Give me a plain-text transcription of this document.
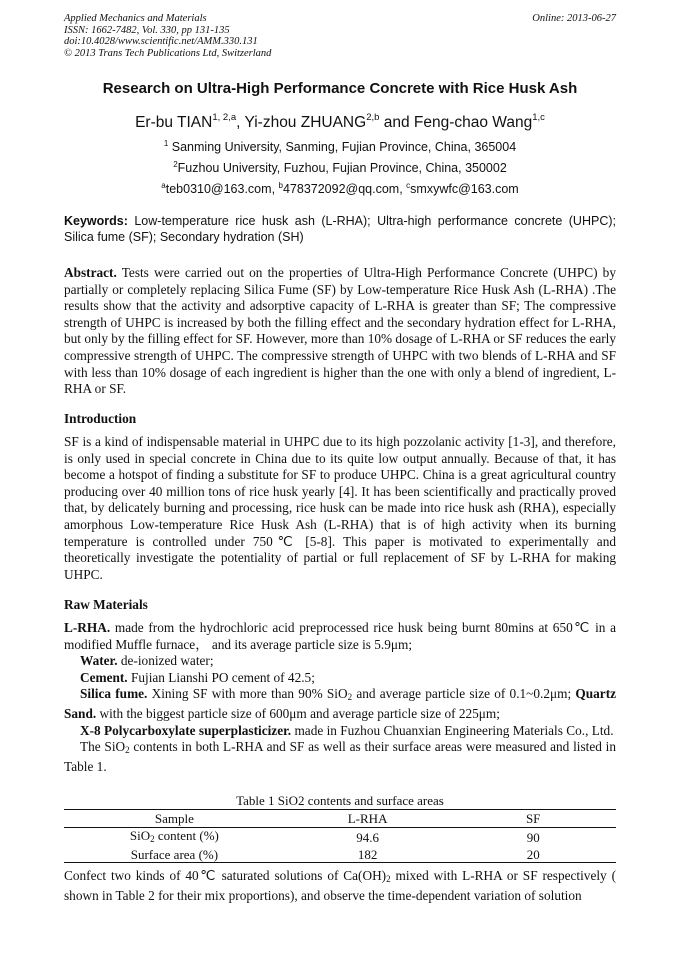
Applied Mechanics and Materials
ISSN: 1662-7482, Vol. 330, pp 131-135
doi:10.4028/www.scientific.net/AMM.330.131
© 2013 Trans Tech Publications Ltd, Switzerland
Online: 2013-06-27
Research on Ultra-High Performance Concrete with Rice Husk Ash
Er-bu TIAN$^{1, 2,a}$, Yi-zhou ZHUANG$^{2,b}$ and Feng-chao Wang$^{1,c}$
$^1$ Sanming University, Sanming, Fujian Province, China, 365004
$^2$Fuzhou University, Fuzhou, Fujian Province, China, 350002
$^a$teb0310@163.com, $^b$478372092@qq.com, $^c$smxywfc@163.com
Keywords: Low-temperature rice husk ash (L-RHA); Ultra-high performance concrete (UHPC); Silica fume (SF); Secondary hydration (SH)
Abstract. Tests were carried out on the properties of Ultra-High Performance Concrete (UHPC) by partially or completely replacing Silica Fume (SF) by Low-temperature Rice Husk Ash (L-RHA) .The results show that the activity and adsorptive capacity of L-RHA is greater than SF; The compressive strength of UHPC is increased by both the filling effect and the secondary hydration effect for L-RHA, but only by the filling effect for SF. However, more than 10% dosage of L-RHA or SF reduces the early compressive strength of UHPC. The compressive strength of UHPC with two blends of L-RHA and SF with less than 10% dosage of each ingredient is higher than the one with only a blend of ingredient, L-RHA or SF.
Introduction
SF is a kind of indispensable material in UHPC due to its high pozzolanic activity [1-3], and therefore, is only used in special concrete in China due to its quite low output annually. Because of that, it has become a hotspot of finding a substitute for SF to produce UHPC. China is a great agricultural country producing over 40 million tons of rice husk yearly [4]. It has been scientifically and practically proved that, by delicately burning and processing, rice husk can be made into rice husk ash (RHA), especially amorphous Low-temperature Rice Husk Ash (L-RHA) that is of high activity when its burning temperature is controlled under 750℃ [5-8]. This paper is motivated to experimentally and theoretically investigate the potentiality of partial or full replacement of SF by L-RHA for making UHPC.
Raw Materials
L-RHA. made from the hydrochloric acid preprocessed rice husk being burnt 80mins at 650℃ in a modified Muffle furnace， and its average particle size is 5.9μm;
Water. de-ionized water;
Cement. Fujian Lianshi PO cement of 42.5;
Silica fume. Xining SF with more than 90% SiO$_2$ and average particle size of 0.1~0.2μm; Quartz Sand. with the biggest particle size of 600μm and average particle size of 225μm;
X-8 Polycarboxylate superplasticizer. made in Fuzhou Chuanxian Engineering Materials Co., Ltd.
The SiO$_2$ contents in both L-RHA and SF as well as their surface areas were measured and listed in Table 1.
Table 1 SiO2 contents and surface areas
Sample	L-RHA	SF
SiO$_2$ content (%)	94.6	90
Surface area (%)	182	20
Confect two kinds of 40℃ saturated solutions of $Ca(OH)_2$ mixed with L-RHA or SF respectively ( shown in Table 2 for their mix proportions), and observe the time-dependent variation of solution
